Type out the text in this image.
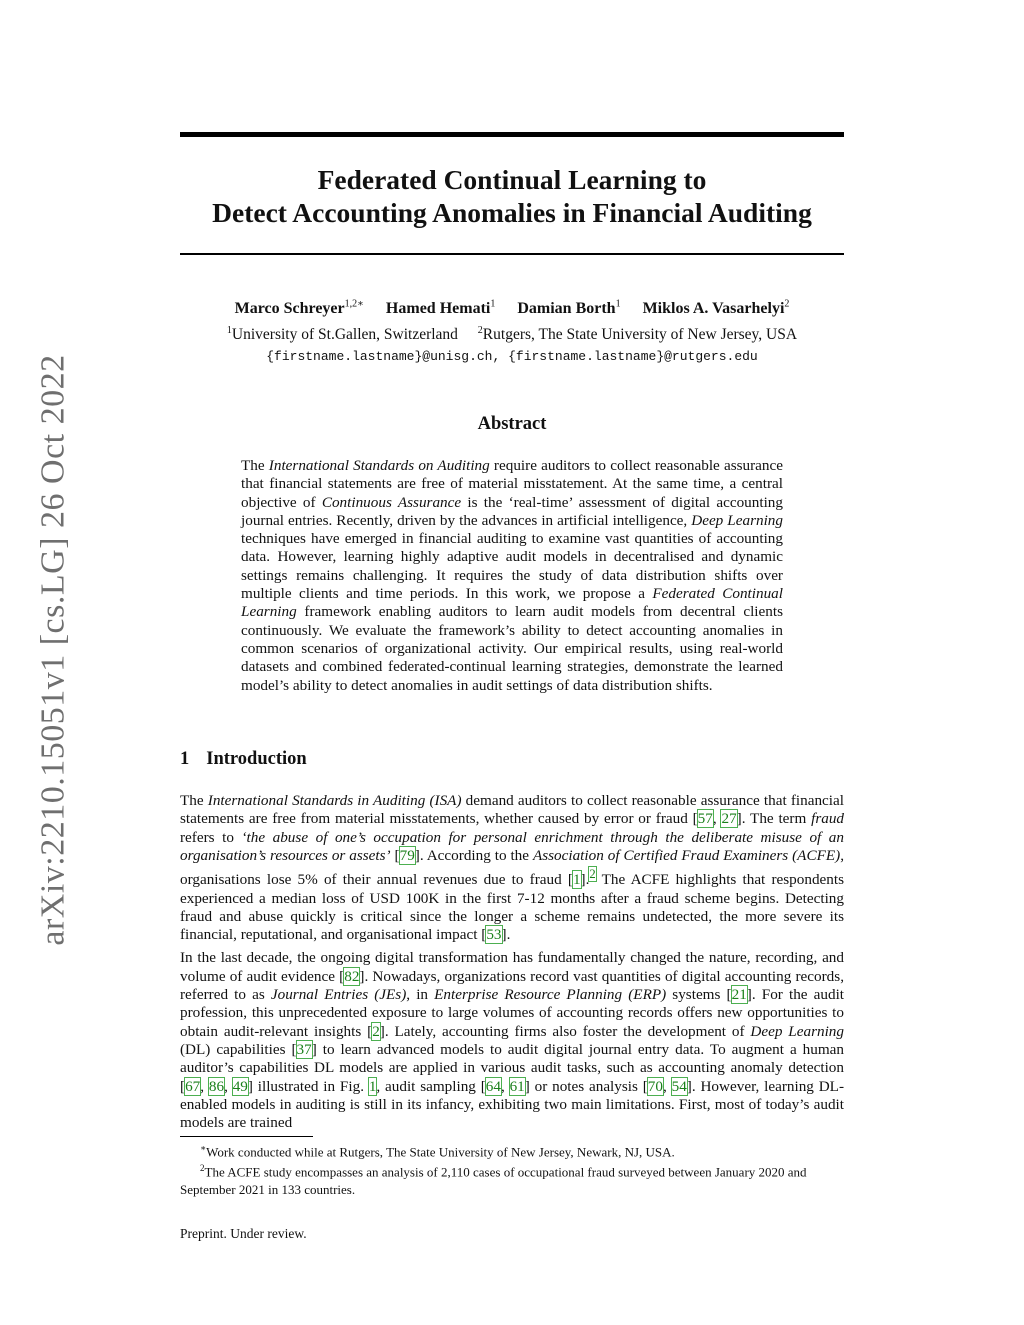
arXiv:2210.15051v1 [cs.LG] 26 Oct 2022
Federated Continual Learning to
Detect Accounting Anomalies in Financial Auditing
Marco Schreyer$^{1,2∗}$ Hamed Hemati$^1$ Damian Borth$^1$ Miklos A. Vasarhelyi$^2$
$^1$University of St.Gallen, Switzerland $^2$Rutgers, The State University of New Jersey, USA
{firstname.lastname}@unisg.ch, {firstname.lastname}@rutgers.edu
Abstract
The International Standards on Auditing require auditors to collect reasonable assurance that financial statements are free of material misstatement. At the same time, a central objective of Continuous Assurance is the ‘real-time’ assessment of digital accounting journal entries. Recently, driven by the advances in artificial intelligence, Deep Learning techniques have emerged in financial auditing to examine vast quantities of accounting data. However, learning highly adaptive audit models in decentralised and dynamic settings remains challenging. It requires the study of data distribution shifts over multiple clients and time periods. In this work, we propose a Federated Continual Learning framework enabling auditors to learn audit models from decentral clients continuously. We evaluate the framework’s ability to detect accounting anomalies in common scenarios of organizational activity. Our empirical results, using real-world datasets and combined federated-continual learning strategies, demonstrate the learned model’s ability to detect anomalies in audit settings of data distribution shifts.
1 Introduction

The International Standards in Auditing (ISA) demand auditors to collect reasonable assurance that financial statements are free from material misstatements, whether caused by error or fraud [57, 27]. The term fraud refers to ‘the abuse of one’s occupation for personal enrichment through the deliberate misuse of an organisation’s resources or assets’ [79]. According to the Association of Certified Fraud Examiners (ACFE), organisations lose 5% of their annual revenues due to fraud [1].$^2$ The ACFE highlights that respondents experienced a median loss of USD 100K in the first 7-12 months after a fraud scheme begins. Detecting fraud and abuse quickly is critical since the longer a scheme remains undetected, the more severe its financial, reputational, and organisational impact [53].

In the last decade, the ongoing digital transformation has fundamentally changed the nature, recording, and volume of audit evidence [82]. Nowadays, organizations record vast quantities of digital accounting records, referred to as Journal Entries (JEs), in Enterprise Resource Planning (ERP) systems [21]. For the audit profession, this unprecedented exposure to large volumes of accounting records offers new opportunities to obtain audit-relevant insights [2]. Lately, accounting firms also foster the development of Deep Learning (DL) capabilities [37] to learn advanced models to audit digital journal entry data. To augment a human auditor’s capabilities DL models are applied in various audit tasks, such as accounting anomaly detection [67, 86, 49] illustrated in Fig. 1, audit sampling [64, 61] or notes analysis [70, 54]. However, learning DL-enabled models in auditing is still in its infancy, exhibiting two main limitations. First, most of today’s audit models are trained

∗Work conducted while at Rutgers, The State University of New Jersey, Newark, NJ, USA.

$^2$The ACFE study encompasses an analysis of 2,110 cases of occupational fraud surveyed between January 2020 and September 2021 in 133 countries.

Preprint. Under review.
